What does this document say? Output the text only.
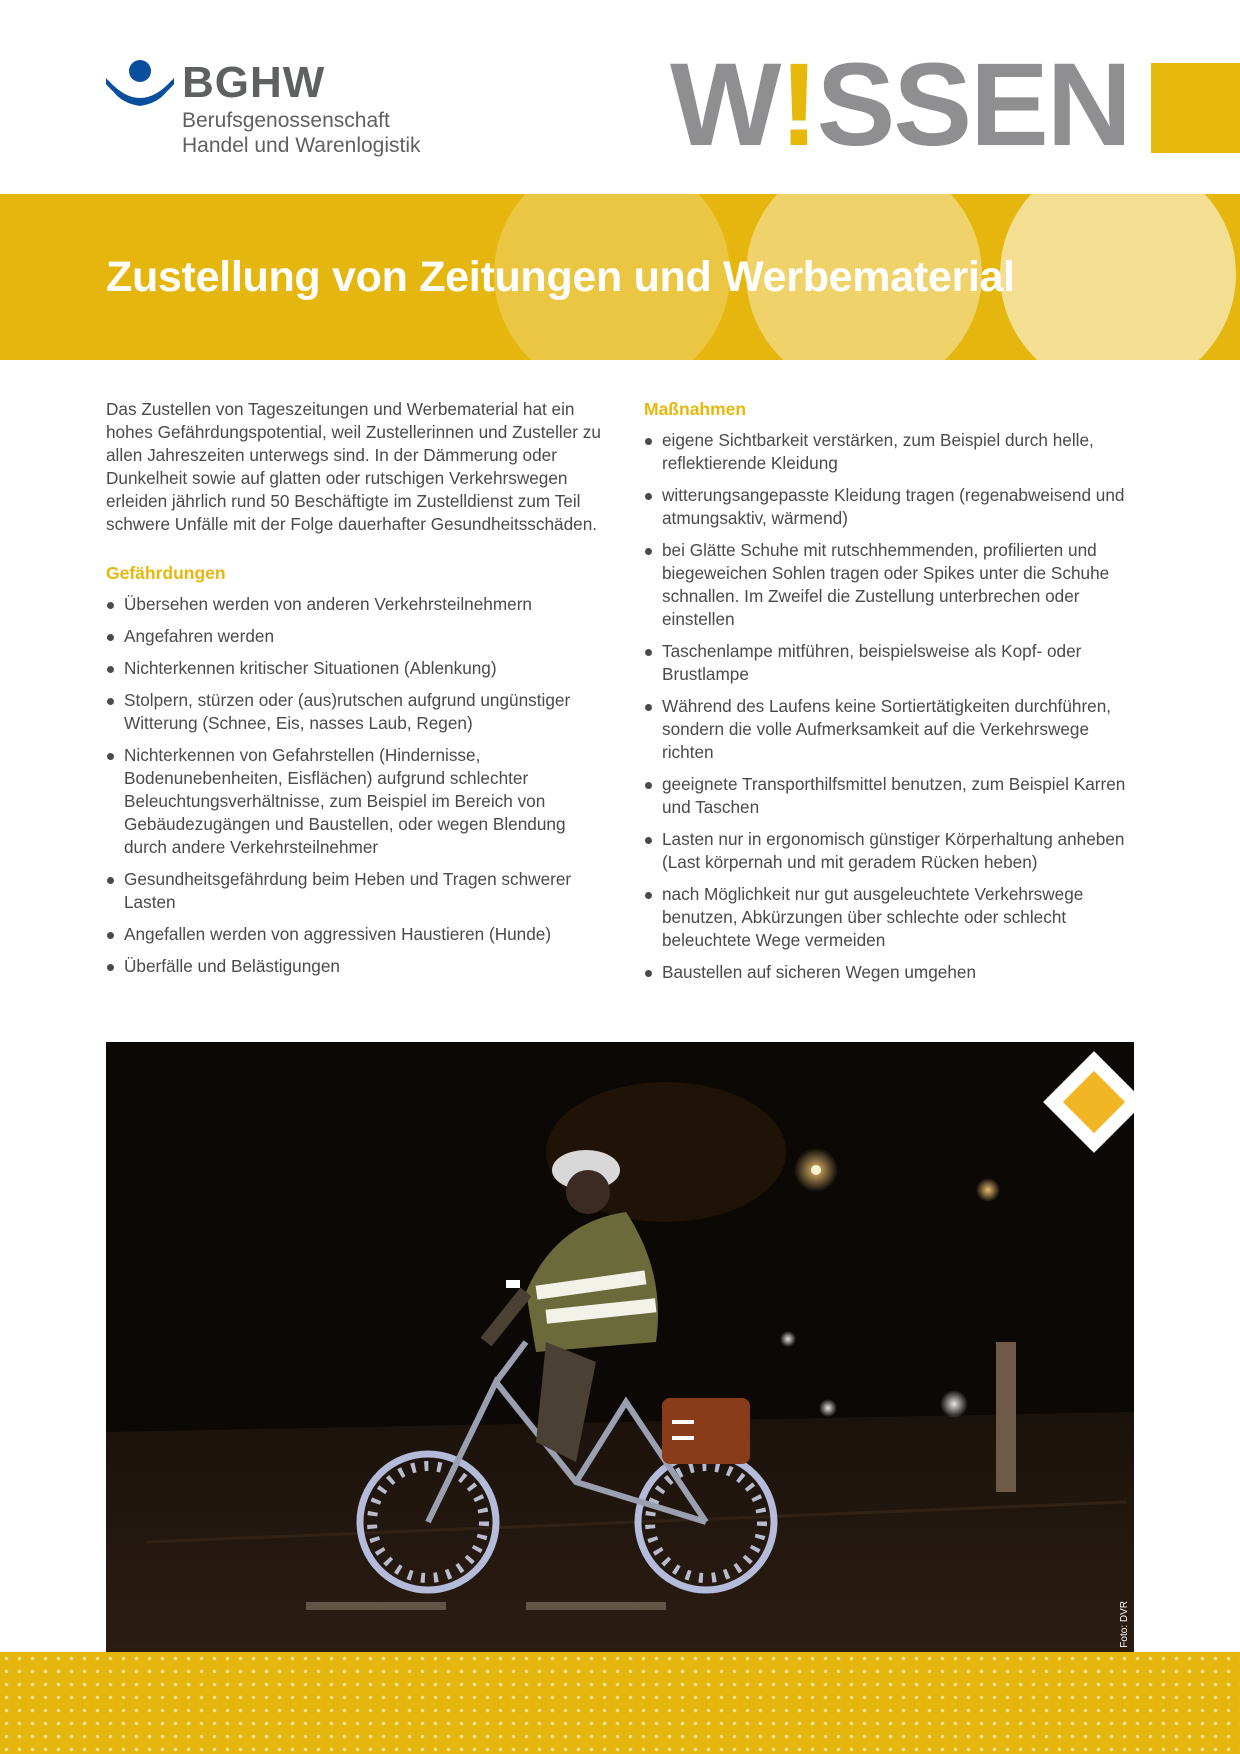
BGHW
Berufsgenossenschaft
Handel und Warenlogistik W!SSEN
Zustellung von Zeitungen und Werbematerial

Das Zustellen von Tageszeitungen und Werbematerial hat ein hohes Gefährdungspotential, weil Zustellerinnen und Zusteller zu allen Jahreszeiten unterwegs sind. In der Dämmerung oder Dunkelheit sowie auf glatten oder rutschigen Verkehrswegen erleiden jährlich rund 50 Beschäftigte im Zustelldienst zum Teil schwere Unfälle mit der Folge dauerhafter Gesundheitsschäden.

Gefährdungen
Übersehen werden von anderen Verkehrsteilnehmern
Angefahren werden
Nichterkennen kritischer Situationen (Ablenkung)
Stolpern, stürzen oder (aus)rutschen aufgrund ungünstiger Witterung (Schnee, Eis, nasses Laub, Regen)
Nichterkennen von Gefahrstellen (Hindernisse, Bodenunebenheiten, Eisflächen) aufgrund schlechter Beleuchtungsverhältnisse, zum Beispiel im Bereich von Gebäudezugängen und Baustellen, oder wegen Blendung durch andere Verkehrsteilnehmer
Gesundheitsgefährdung beim Heben und Tragen schwerer Lasten
Angefallen werden von aggressiven Haustieren (Hunde)
Überfälle und Belästigungen
Maßnahmen
eigene Sichtbarkeit verstärken, zum Beispiel durch helle, reflektierende Kleidung
witterungsangepasste Kleidung tragen (regenabweisend und atmungsaktiv, wärmend)
bei Glätte Schuhe mit rutschhemmenden, profilierten und biegeweichen Sohlen tragen oder Spikes unter die Schuhe schnallen. Im Zweifel die Zustellung unterbrechen oder einstellen
Taschenlampe mitführen, beispielsweise als Kopf- oder Brustlampe
Während des Laufens keine Sortiertätigkeiten durchführen, sondern die volle Aufmerksamkeit auf die Verkehrswege richten
geeignete Transporthilfsmittel benutzen, zum Beispiel Karren und Taschen
Lasten nur in ergonomisch günstiger Körperhaltung anheben (Last körpernah und mit geradem Rücken heben)
nach Möglichkeit nur gut ausgeleuchtete Verkehrswege benutzen, Abkürzungen über schlechte oder schlecht beleuchtete Wege vermeiden
Baustellen auf sicheren Wegen umgehen
Foto: DVR
